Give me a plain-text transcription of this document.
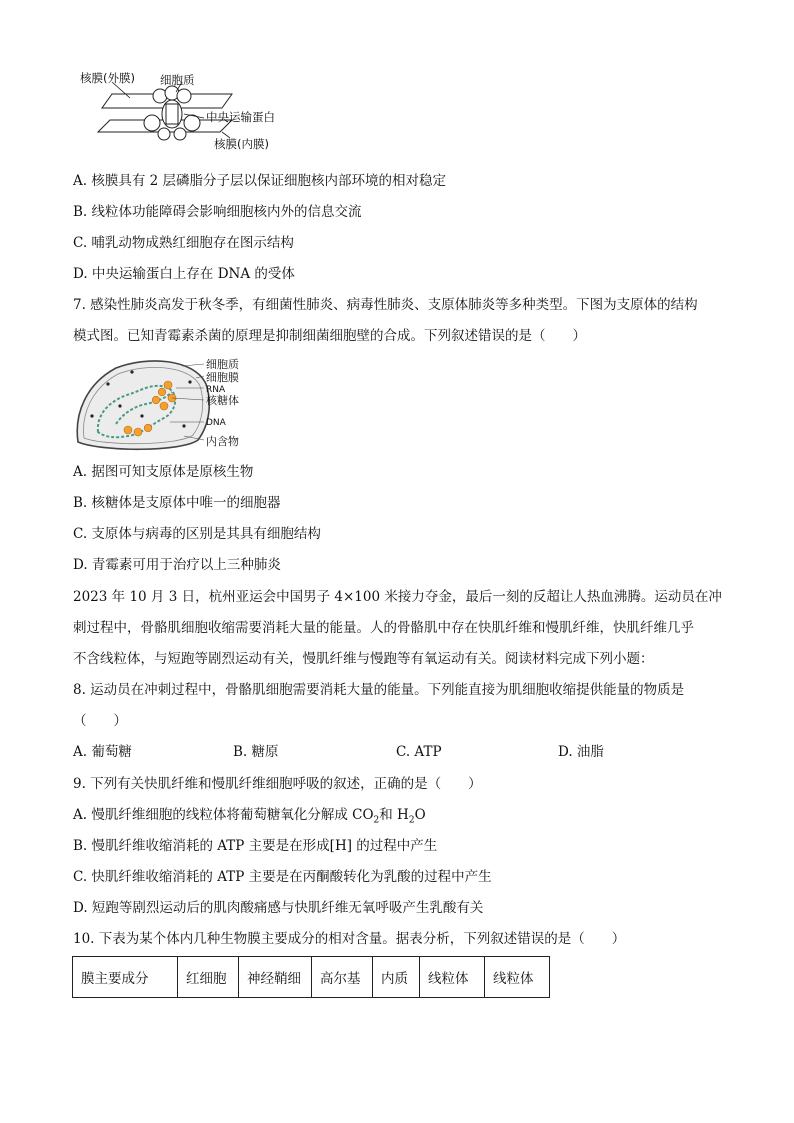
核膜(外膜) 细胞质
中央运输蛋白
核膜(内膜)
A. 核膜具有 2 层磷脂分子层以保证细胞核内部环境的相对稳定
B. 线粒体功能障碍会影响细胞核内外的信息交流
C. 哺乳动物成熟红细胞存在图示结构
D. 中央运输蛋白上存在 DNA 的受体
7. 感染性肺炎高发于秋冬季，有细菌性肺炎、病毒性肺炎、支原体肺炎等多种类型。下图为支原体的结构
模式图。已知青霉素杀菌的原理是抑制细菌细胞壁的合成。下列叙述错误的是（　　）
细胞质
细胞膜
RNA
核糖体
DNA
内含物
A. 据图可知支原体是原核生物
B. 核糖体是支原体中唯一的细胞器
C. 支原体与病毒的区别是其具有细胞结构
D. 青霉素可用于治疗以上三种肺炎
2023 年 10 月 3 日，杭州亚运会中国男子 4×100 米接力夺金，最后一刻的反超让人热血沸腾。运动员在冲
刺过程中，骨骼肌细胞收缩需要消耗大量的能量。人的骨骼肌中存在快肌纤维和慢肌纤维，快肌纤维几乎
不含线粒体，与短跑等剧烈运动有关，慢肌纤维与慢跑等有氧运动有关。阅读材料完成下列小题：
8. 运动员在冲刺过程中，骨骼肌细胞需要消耗大量的能量。下列能直接为肌细胞收缩提供能量的物质是
（　　）
A. 葡萄糖	B. 糖原	C. ATP	D. 油脂
9. 下列有关快肌纤维和慢肌纤维细胞呼吸的叙述，正确的是（　　）
A. 慢肌纤维细胞的线粒体将葡萄糖氧化分解成 $CO_2$和 $H_2O$
B. 慢肌纤维收缩消耗的 ATP 主要是在形成[H] 的过程中产生
C. 快肌纤维收缩消耗的 ATP 主要是在丙酮酸转化为乳酸的过程中产生
D. 短跑等剧烈运动后的肌肉酸痛感与快肌纤维无氧呼吸产生乳酸有关
10. 下表为某个体内几种生物膜主要成分的相对含量。据表分析，下列叙述错误的是（　　）
膜主要成分	红细胞	神经鞘细	高尔基	内质	线粒体	线粒体
